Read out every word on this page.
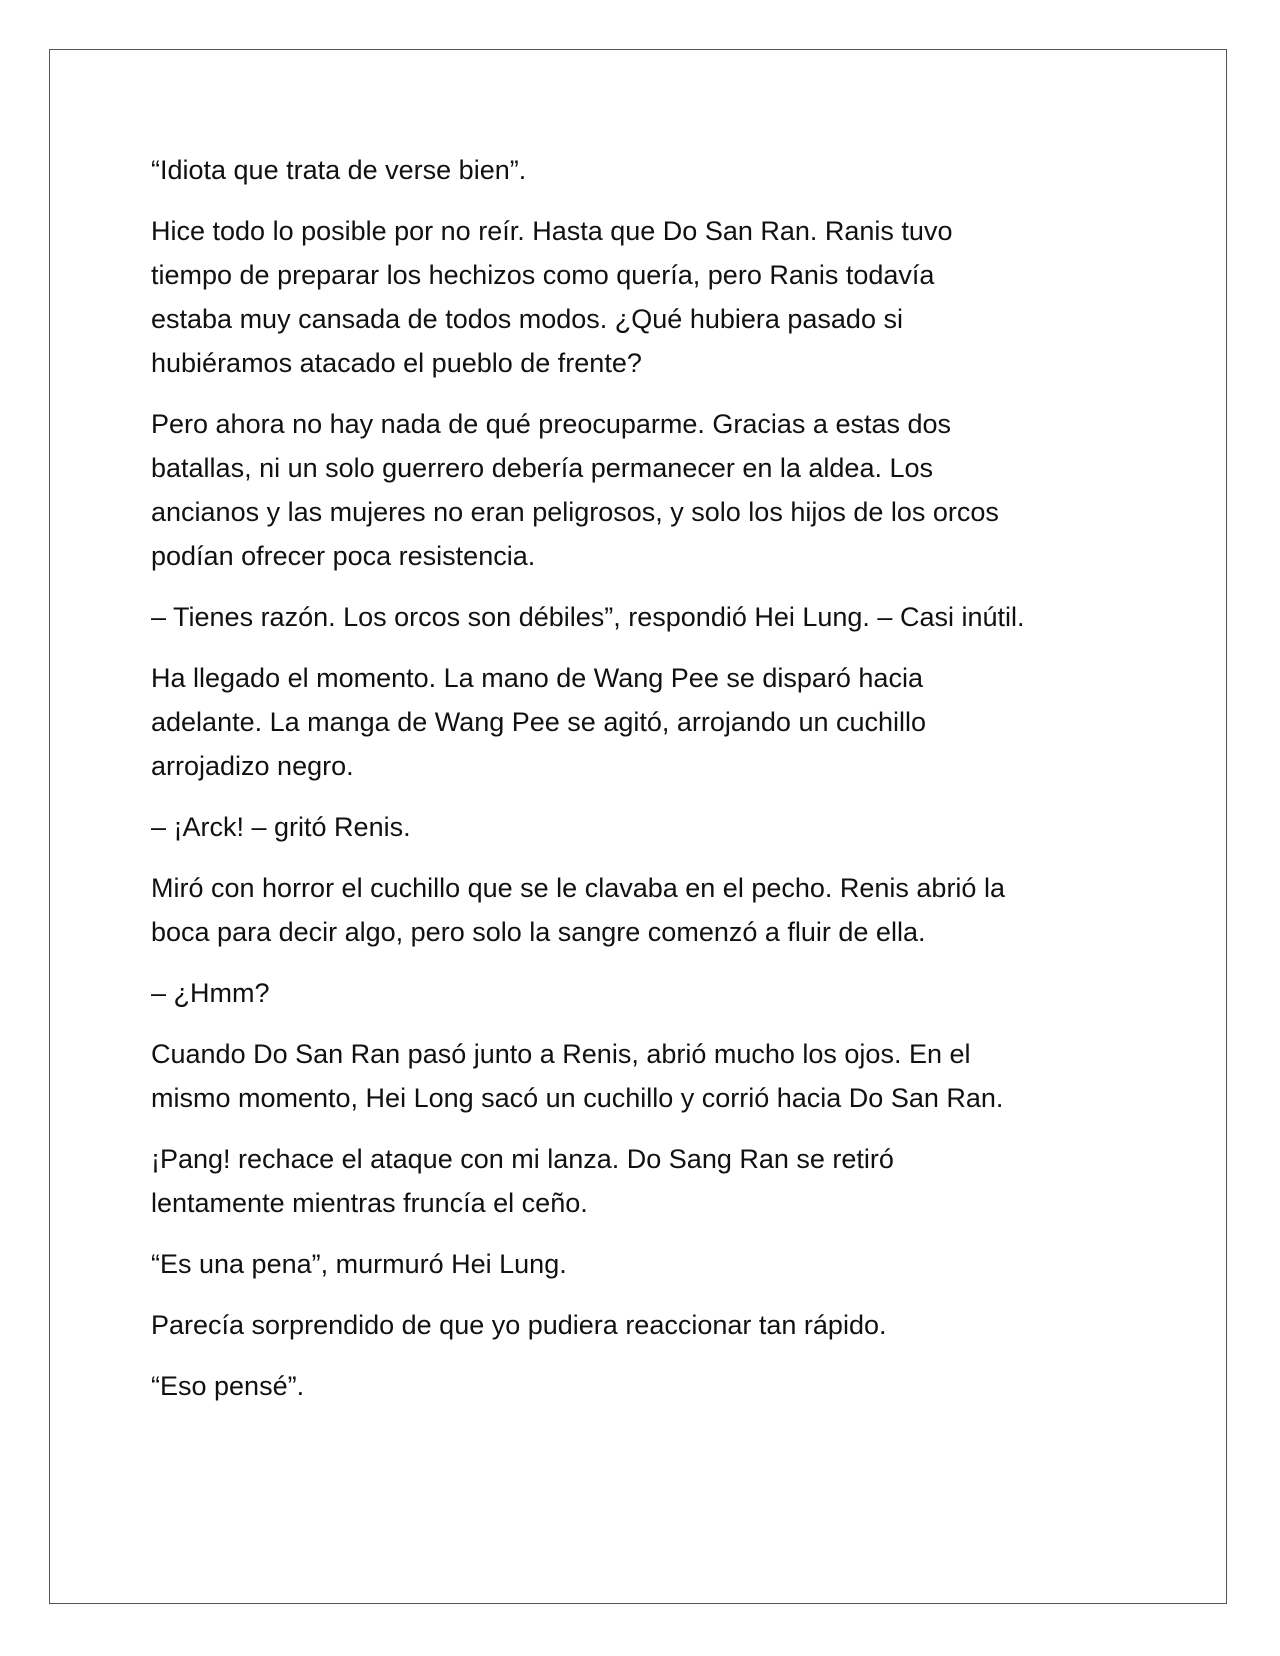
“Idiota que trata de verse bien”.

Hice todo lo posible por no reír. Hasta que Do San Ran. Ranis tuvo
tiempo de preparar los hechizos como quería, pero Ranis todavía
estaba muy cansada de todos modos. ¿Qué hubiera pasado si
hubiéramos atacado el pueblo de frente?

Pero ahora no hay nada de qué preocuparme. Gracias a estas dos
batallas, ni un solo guerrero debería permanecer en la aldea. Los
ancianos y las mujeres no eran peligrosos, y solo los hijos de los orcos
podían ofrecer poca resistencia.

– Tienes razón. Los orcos son débiles”, respondió Hei Lung. – Casi inútil.

Ha llegado el momento. La mano de Wang Pee se disparó hacia
adelante. La manga de Wang Pee se agitó, arrojando un cuchillo
arrojadizo negro.

– ¡Arck! – gritó Renis.

Miró con horror el cuchillo que se le clavaba en el pecho. Renis abrió la
boca para decir algo, pero solo la sangre comenzó a fluir de ella.

– ¿Hmm?

Cuando Do San Ran pasó junto a Renis, abrió mucho los ojos. En el
mismo momento, Hei Long sacó un cuchillo y corrió hacia Do San Ran.

¡Pang! rechace el ataque con mi lanza. Do Sang Ran se retiró
lentamente mientras fruncía el ceño.

“Es una pena”, murmuró Hei Lung.

Parecía sorprendido de que yo pudiera reaccionar tan rápido.

“Eso pensé”.
